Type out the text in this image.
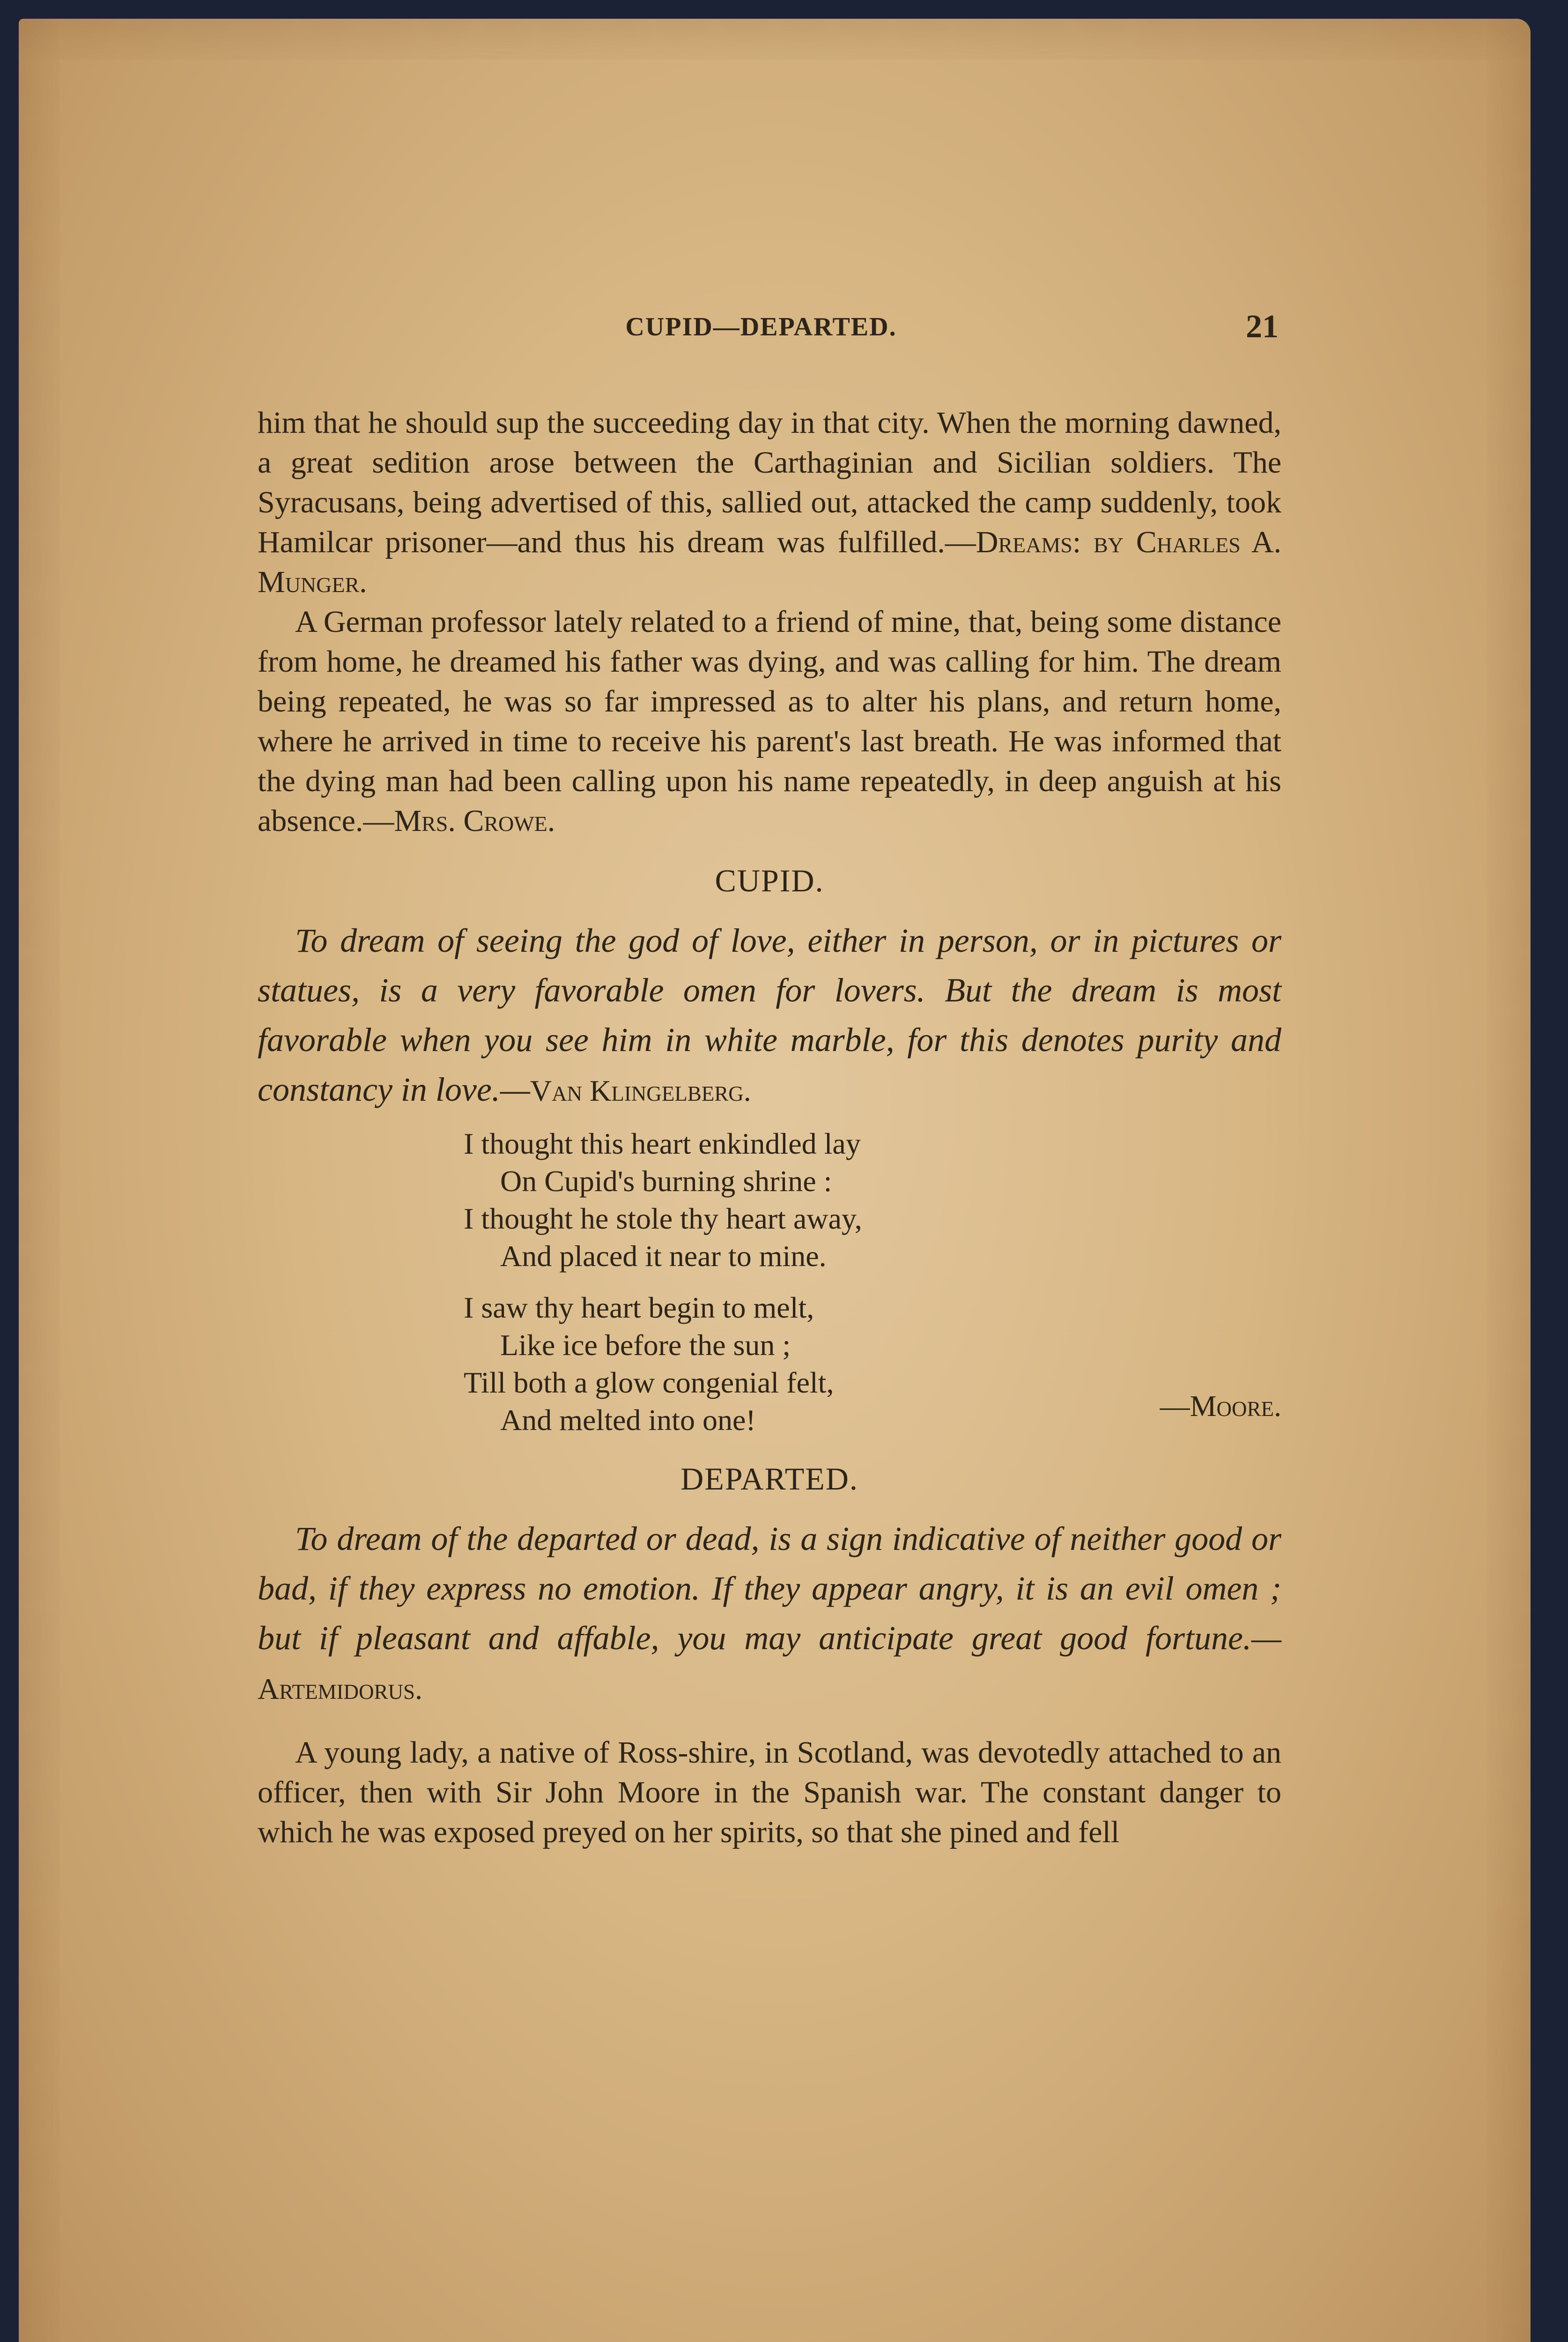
CUPID—DEPARTED.	21

him that he should sup the succeeding day in that city. When the morning dawned, a great sedition arose between the Carthaginian and Sicilian soldiers. The Syracusans, being advertised of this, sallied out, attacked the camp suddenly, took Hamilcar prisoner—and thus his dream was fulfilled.—Dreams: by Charles A. Munger.

A German professor lately related to a friend of mine, that, being some distance from home, he dreamed his father was dying, and was calling for him. The dream being repeated, he was so far impressed as to alter his plans, and return home, where he arrived in time to receive his parent's last breath. He was informed that the dying man had been calling upon his name repeatedly, in deep anguish at his absence.—Mrs. Crowe.

CUPID.

To dream of seeing the god of love, either in person, or in pictures or statues, is a very favorable omen for lovers. But the dream is most favorable when you see him in white marble, for this denotes purity and constancy in love.—Van Klingelberg.

I thought this heart enkindled lay
On Cupid's burning shrine :
I thought he stole thy heart away,
And placed it near to mine.
I saw thy heart begin to melt,
Like ice before the sun ;
Till both a glow congenial felt,
And melted into one!	—Moore.
DEPARTED.

To dream of the departed or dead, is a sign indicative of neither good or bad, if they express no emotion. If they appear angry, it is an evil omen ; but if pleasant and affable, you may anticipate great good fortune.—Artemidorus.

A young lady, a native of Ross-shire, in Scotland, was devotedly attached to an officer, then with Sir John Moore in the Spanish war. The constant danger to which he was exposed preyed on her spirits, so that she pined and fell
